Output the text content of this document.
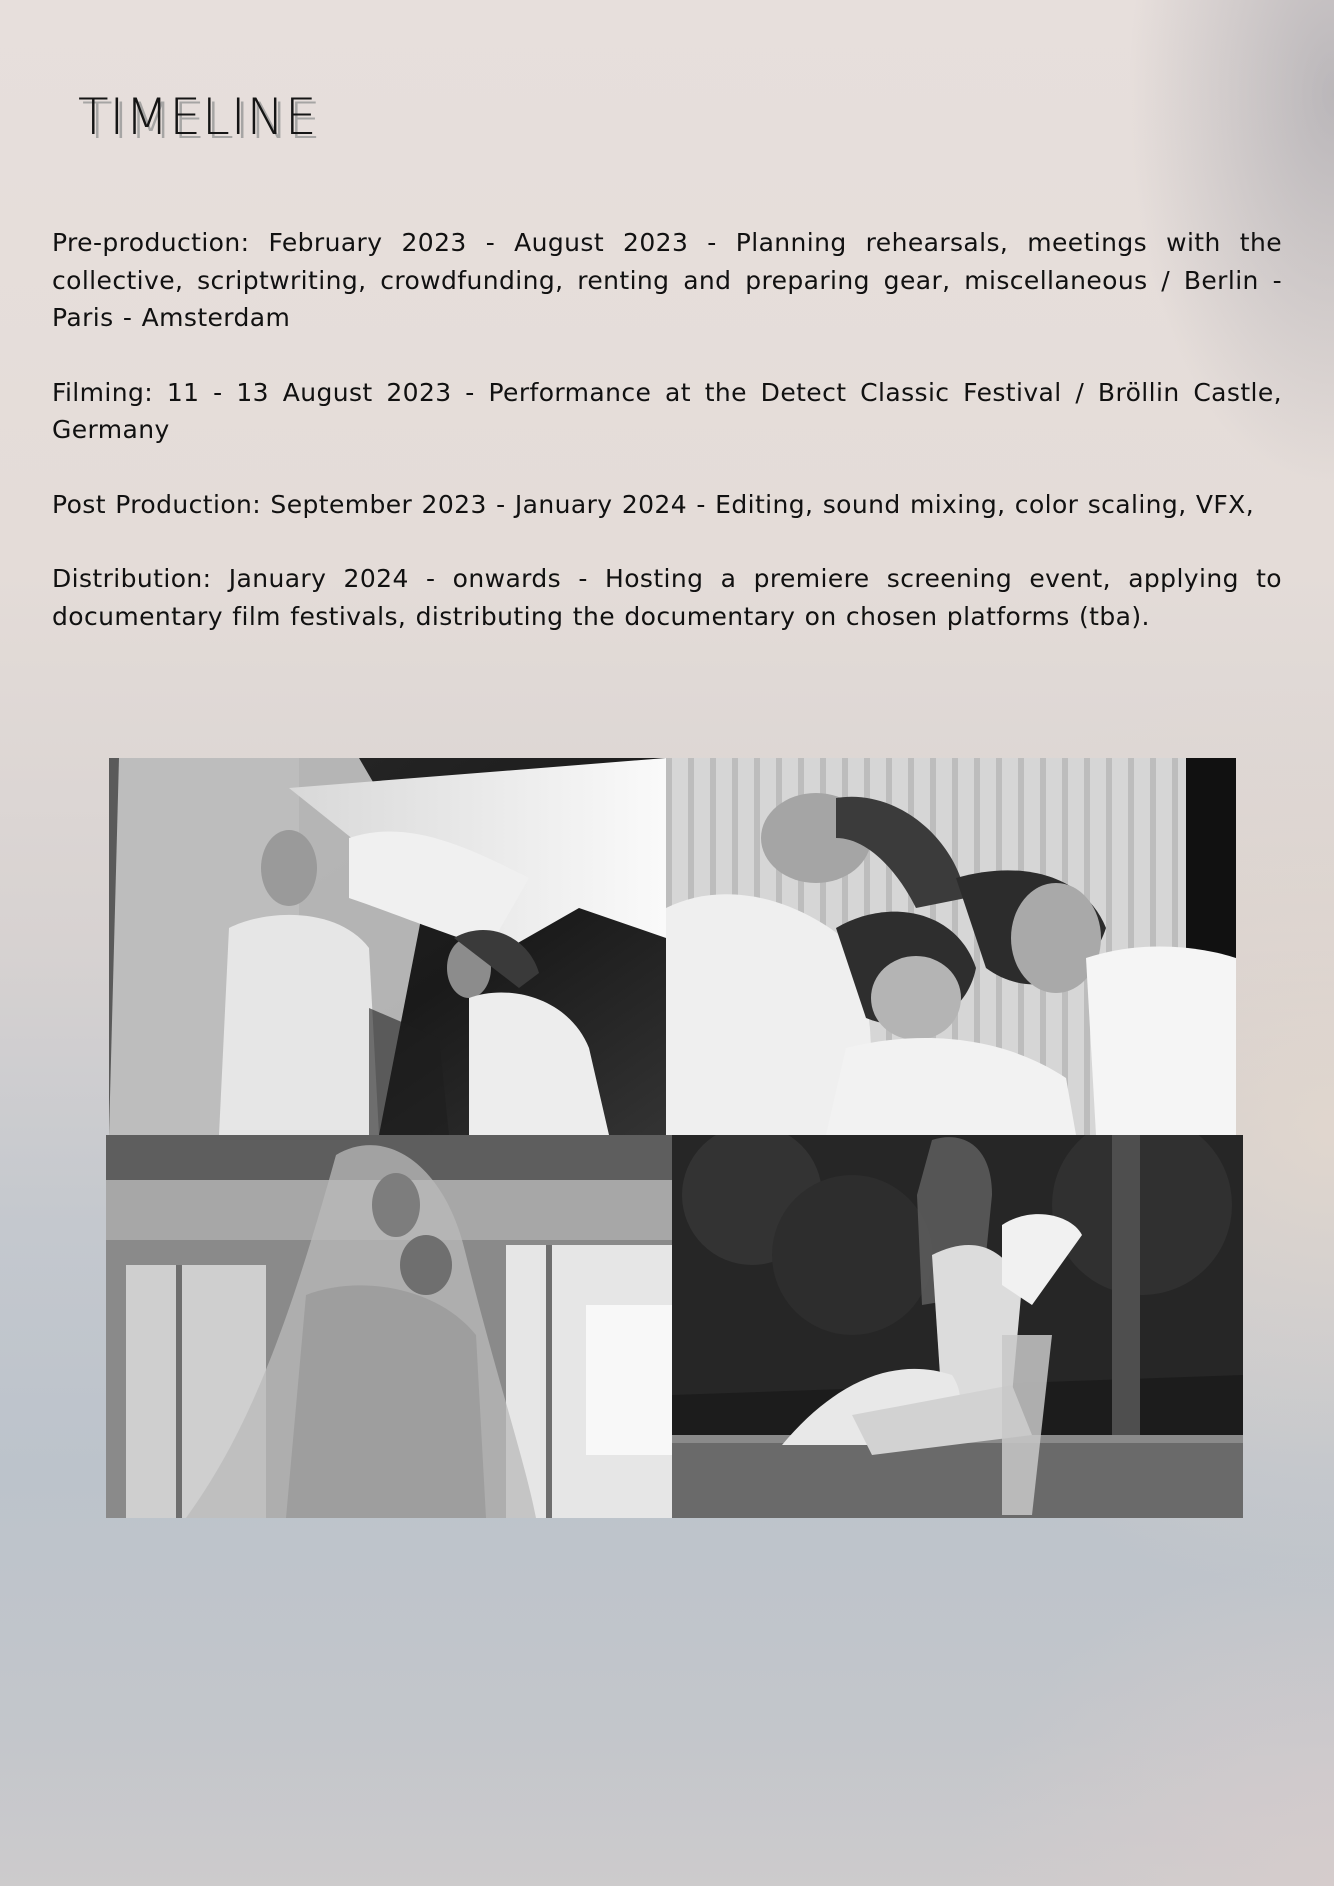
TIMELINE
Pre-production: February 2023 - August 2023 - Planning rehearsals, meetings with the collective, scriptwriting, crowdfunding, renting and preparing gear, miscellaneous / Berlin - Paris - Amsterdam
Filming: 11 - 13 August 2023 - Performance at the Detect Classic Festival / Bröllin Castle, Germany
Post Production: September 2023 - January 2024 - Editing, sound mixing, color scaling, VFX,
Distribution: January 2024 - onwards - Hosting a premiere screening event, applying to documentary film festivals, distributing the documentary on chosen platforms (tba).
